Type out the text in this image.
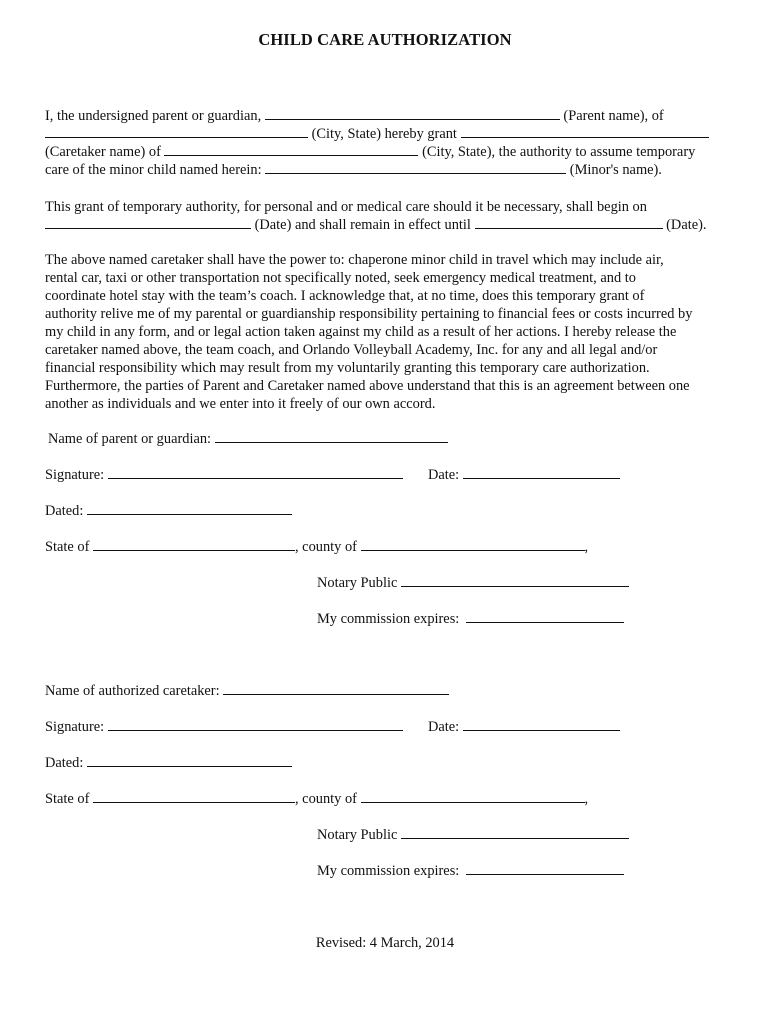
CHILD CARE AUTHORIZATION
I, the undersigned parent or guardian,	(Parent name), of
(City, State) hereby grant
(Caretaker name) of	(City, State), the authority to assume temporary
care of the minor child named herein:	(Minor's name).
This grant of temporary authority, for personal and or medical care should it be necessary, shall begin on
(Date) and shall remain in effect until	(Date).
The above named caretaker shall have the power to: chaperone minor child in travel which may include air,
rental car, taxi or other transportation not specifically noted, seek emergency medical treatment, and to
coordinate hotel stay with the team’s coach. I acknowledge that, at no time, does this temporary grant of
authority relive me of my parental or guardianship responsibility pertaining to financial fees or costs incurred by
my child in any form, and or legal action taken against my child as a result of her actions. I hereby release the
caretaker named above, the team coach, and Orlando Volleyball Academy, Inc. for any and all legal and/or
financial responsibility which may result from my voluntarily granting this temporary care authorization.
Furthermore, the parties of Parent and Caretaker named above understand that this is an agreement between one
another as individuals and we enter into it freely of our own accord.
Name of parent or guardian:
Signature:	Date:
Dated:
State of	, county of	,
Notary Public
My commission expires:
Name of authorized caretaker:
Signature:	Date:
Dated:
State of	, county of	,
Notary Public
My commission expires:
Revised: 4 March, 2014
